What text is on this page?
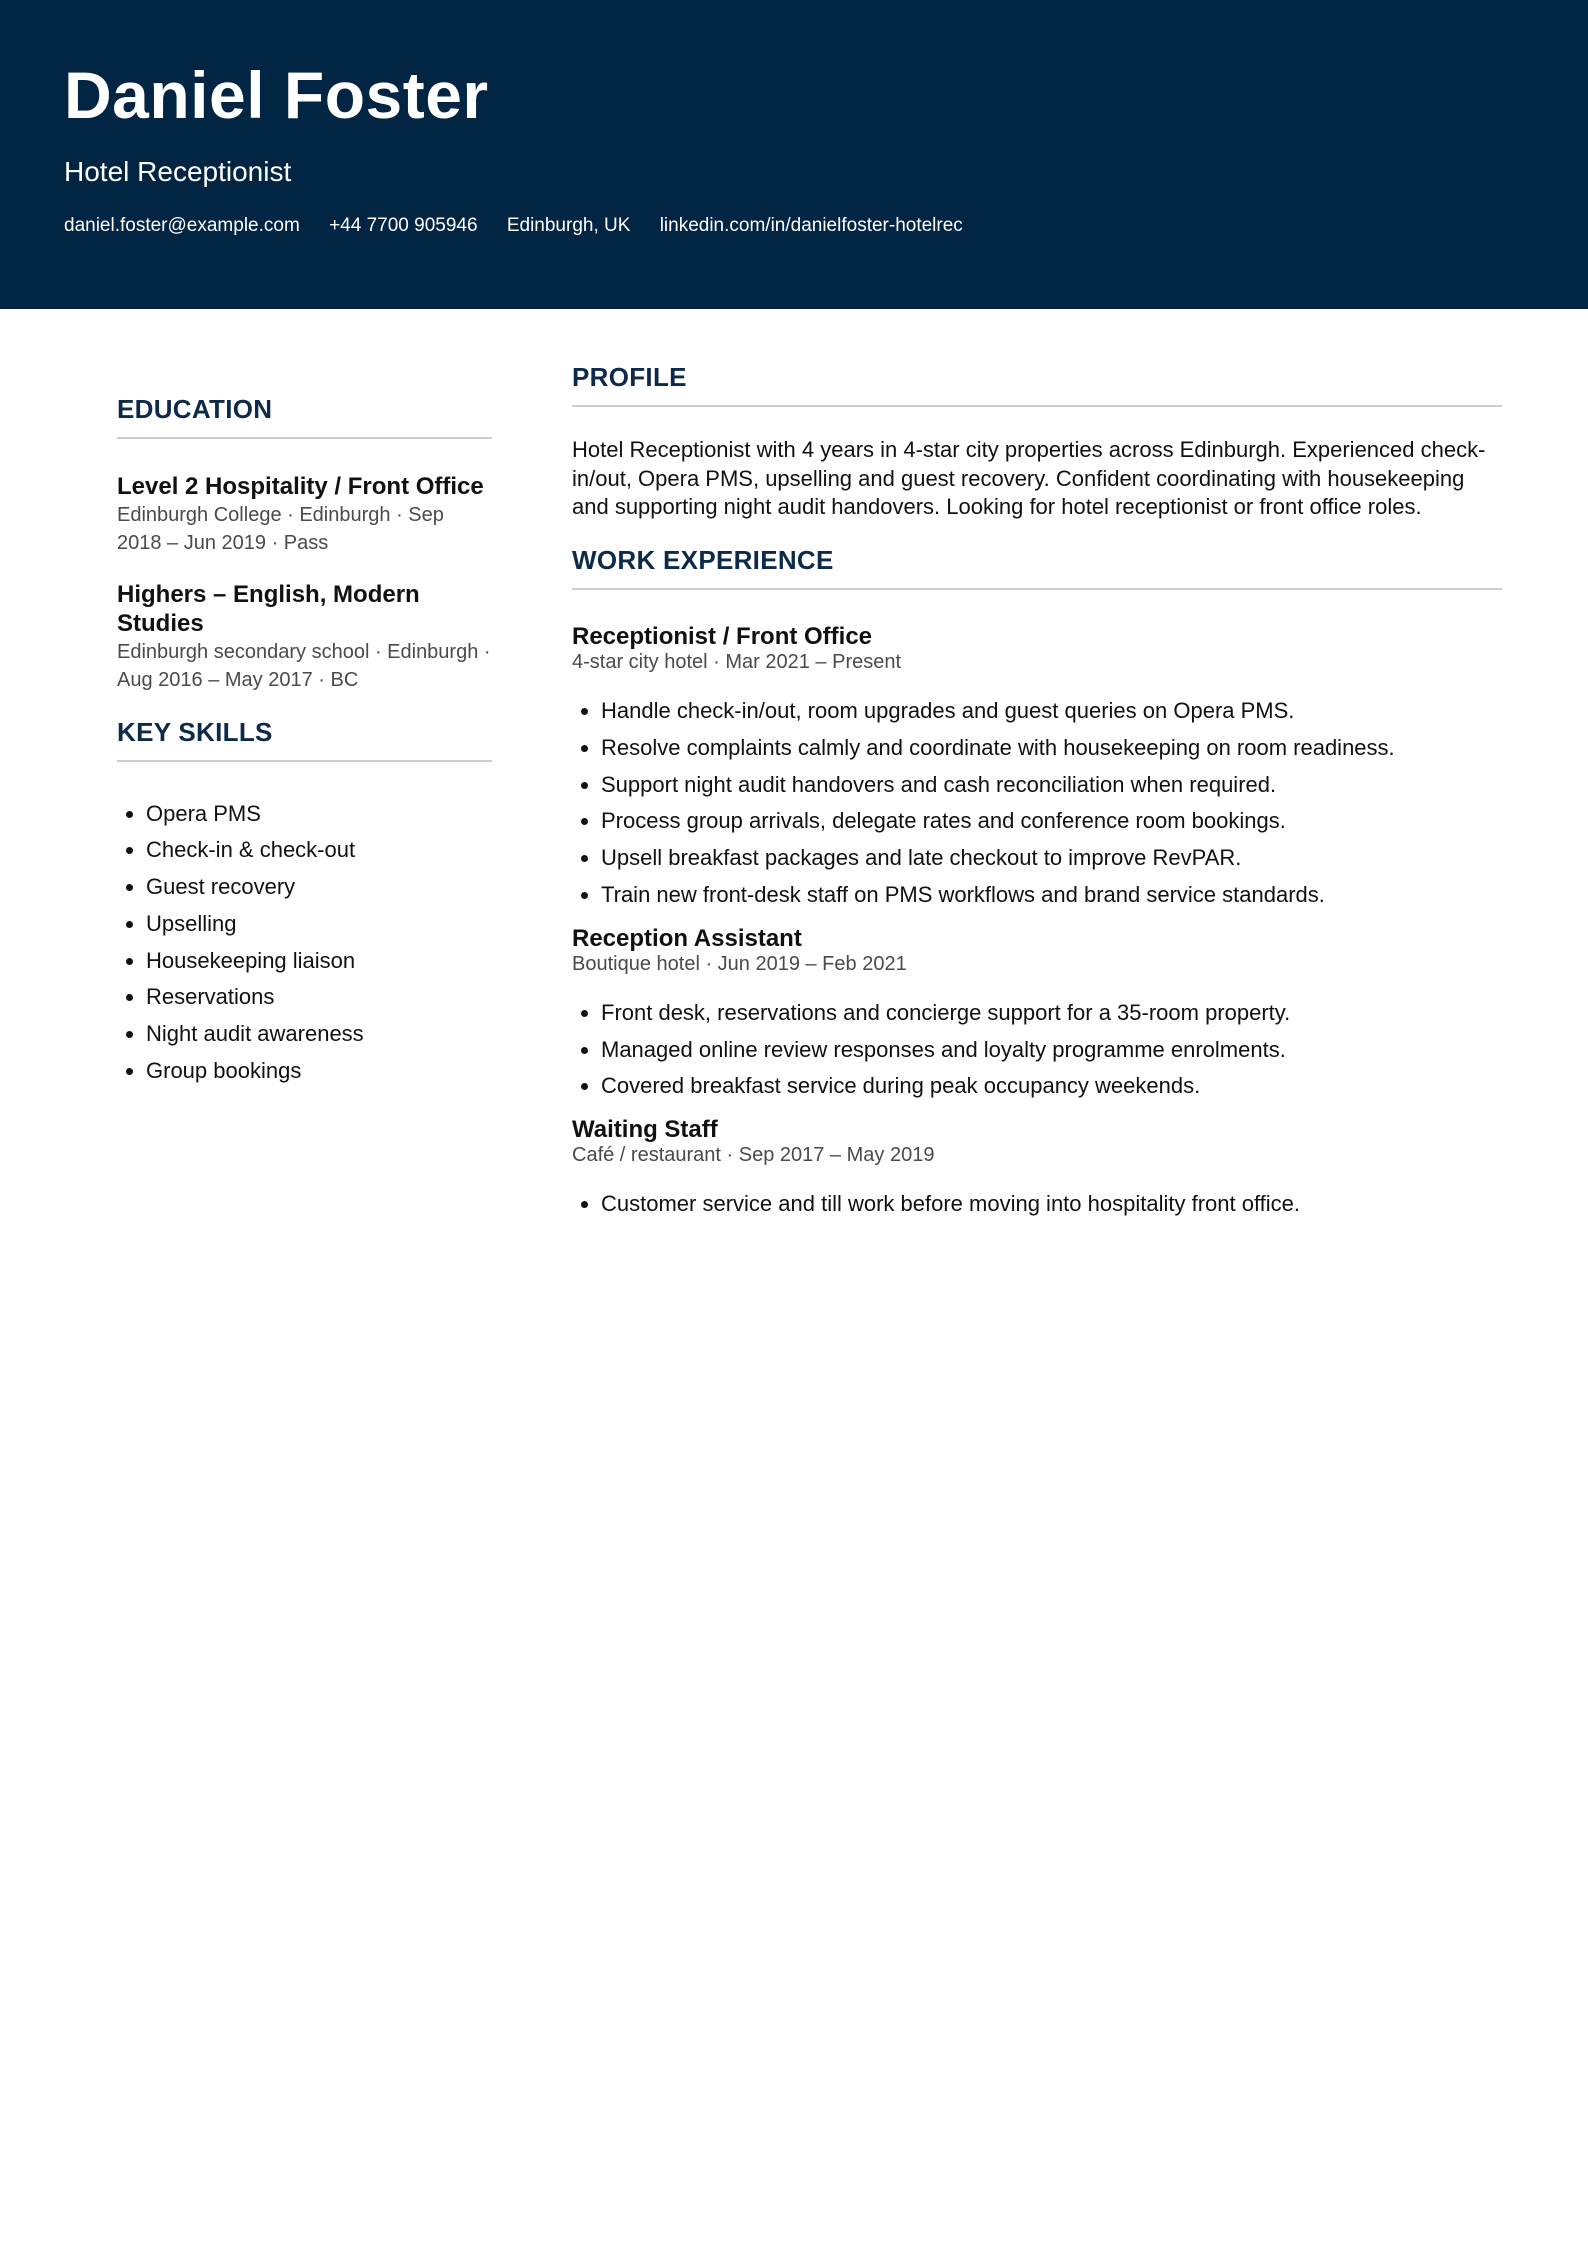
Daniel Foster
Hotel Receptionist
daniel.foster@example.com +44 7700 905946 Edinburgh, UK linkedin.com/in/danielfoster-hotelrec
EDUCATION
Level 2 Hospitality / Front Office
Edinburgh College · Edinburgh · Sep 2018 – Jun 2019 · Pass
Highers – English, Modern Studies
Edinburgh secondary school · Edinburgh · Aug 2016 – May 2017 · BC
KEY SKILLS
• Opera PMS
• Check-in & check-out
• Guest recovery
• Upselling
• Housekeeping liaison
• Reservations
• Night audit awareness
• Group bookings
PROFILE
Hotel Receptionist with 4 years in 4-star city properties across Edinburgh. Experienced check-in/out, Opera PMS, upselling and guest recovery. Confident coordinating with housekeeping and supporting night audit handovers. Looking for hotel receptionist or front office roles.
WORK EXPERIENCE
Receptionist / Front Office
4-star city hotel · Mar 2021 – Present
• Handle check-in/out, room upgrades and guest queries on Opera PMS.
• Resolve complaints calmly and coordinate with housekeeping on room readiness.
• Support night audit handovers and cash reconciliation when required.
• Process group arrivals, delegate rates and conference room bookings.
• Upsell breakfast packages and late checkout to improve RevPAR.
• Train new front-desk staff on PMS workflows and brand service standards.
Reception Assistant
Boutique hotel · Jun 2019 – Feb 2021
• Front desk, reservations and concierge support for a 35-room property.
• Managed online review responses and loyalty programme enrolments.
• Covered breakfast service during peak occupancy weekends.
Waiting Staff
Café / restaurant · Sep 2017 – May 2019
• Customer service and till work before moving into hospitality front office.
